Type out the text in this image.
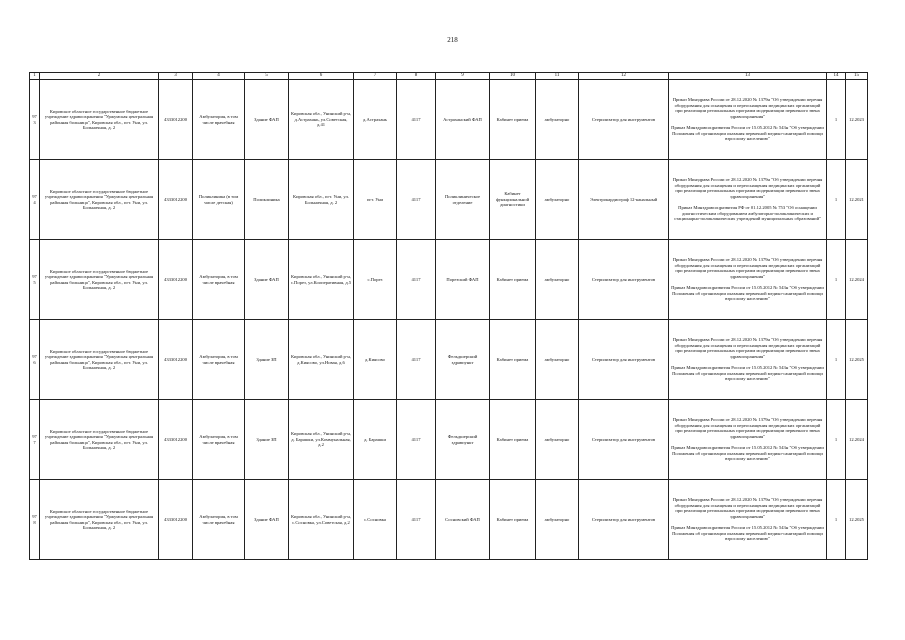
218
1	2	3	4	5	6	7	8	9	10	11	12	13	14	15
973	Кировское областное государственное бюджетное учреждение здравоохранения "Уржумская центральная районная больница", Кировская обл., пгт. Уни, ул. Больничная, д. 2	4333012200	Амбулатория, в том числе врачебная	Здание ФАП	Кировская обл., Унинский р-н, д.Астрахань, ул.Советская, д.41	д.Астрахань	4117	Астраханский ФАП	Кабинет приема	амбулаторно	Стерилизатор для инструментов	Приказ Минздрава России от 28.12.2020 № 1379н "Об утверждении перечня оборудования для оснащения и переоснащения медицинских организаций при реализации региональных программ модернизации первичного звена здравоохранения"
Приказ Минздравсоцразвития России от 15.05.2012 № 543н "Об утверждении Положения об организации оказания первичной медико-санитарной помощи взрослому населению"	1	12.2023
974	Кировское областное государственное бюджетное учреждение здравоохранения "Уржумская центральная районная больница", Кировская обл., пгт. Уни, ул. Больничная, д. 2	4333012200	Поликлиника (в том числе детская)	Поликлиника	Кировская обл., пгт. Уни, ул. Больничная, д. 2	пгт. Уни	4117	Поликлиническое отделение	Кабинет функциональной диагностики	амбулаторно	Электрокардиограф 12-канальный	Приказ Минздрава России от 28.12.2020 № 1379н "Об утверждении перечня оборудования для оснащения и переоснащения медицинских организаций при реализации региональных программ модернизации первичного звена здравоохранения"
Приказ Минздравсоцразвития РФ от 01.12.2005 № 753 "Об оснащении диагностическим оборудованием амбулаторно-поликлинических и стационарно-поликлинических учреждений муниципальных образований"	1	12.2021
975	Кировское областное государственное бюджетное учреждение здравоохранения "Уржумская центральная районная больница", Кировская обл., пгт. Уни, ул. Больничная, д. 2	4333012200	Амбулатория, в том числе врачебная	Здание ФАП	Кировская обл., Унинский р-н, с.Порез, ул.Кооперативная, д.5	с.Порез	4117	Порезский ФАП	Кабинет приема	амбулаторно	Стерилизатор для инструментов	Приказ Минздрава России от 28.12.2020 № 1379н "Об утверждении перечня оборудования для оснащения и переоснащения медицинских организаций при реализации региональных программ модернизации первичного звена здравоохранения"
Приказ Минздравсоцразвития России от 15.05.2012 № 543н "Об утверждении Положения об организации оказания первичной медико-санитарной помощи взрослому населению"	1	12.2024
976	Кировское областное государственное бюджетное учреждение здравоохранения "Уржумская центральная районная больница", Кировская обл., пгт. Уни, ул. Больничная, д. 2	4333012200	Амбулатория, в том числе врачебная	Здание ЗП	Кировская обл., Унинский р-н, д.Киясово, ул.Новая, д.6	д.Киясово	4117	Фельдшерский здравпункт	Кабинет приема	амбулаторно	Стерилизатор для инструментов	Приказ Минздрава России от 28.12.2020 № 1379н "Об утверждении перечня оборудования для оснащения и переоснащения медицинских организаций при реализации региональных программ модернизации первичного звена здравоохранения"
Приказ Минздравсоцразвития России от 15.05.2012 № 543н "Об утверждении Положения об организации оказания первичной медико-санитарной помощи взрослому населению"	1	12.2025
977	Кировское областное государственное бюджетное учреждение здравоохранения "Уржумская центральная районная больница", Кировская обл., пгт. Уни, ул. Больничная, д. 2	4333012200	Амбулатория, в том числе врачебная	Здание ЗП	Кировская обл., Унинский р-н, д. Барашки, ул.Коммунальная, д.2	д. Барашки	4117	Фельдшерский здравпункт	Кабинет приема	амбулаторно	Стерилизатор для инструментов	Приказ Минздрава России от 28.12.2020 № 1379н "Об утверждении перечня оборудования для оснащения и переоснащения медицинских организаций при реализации региональных программ модернизации первичного звена здравоохранения"
Приказ Минздравсоцразвития России от 15.05.2012 № 543н "Об утверждении Положения об организации оказания первичной медико-санитарной помощи взрослому населению"	1	12.2024
978	Кировское областное государственное бюджетное учреждение здравоохранения "Уржумская центральная районная больница", Кировская обл., пгт. Уни, ул. Больничная, д. 2	4333012200	Амбулатория, в том числе врачебная	Здание ФАП	Кировская обл., Унинский р-н, с.Сосновка, ул.Советская, д.2	с.Сосновка	4117	Сосновский ФАП	Кабинет приема	амбулаторно	Стерилизатор для инструментов	Приказ Минздрава России от 28.12.2020 № 1379н "Об утверждении перечня оборудования для оснащения и переоснащения медицинских организаций при реализации региональных программ модернизации первичного звена здравоохранения"
Приказ Минздравсоцразвития России от 15.05.2012 № 543н "Об утверждении Положения об организации оказания первичной медико-санитарной помощи взрослому населению"	1	12.2025
